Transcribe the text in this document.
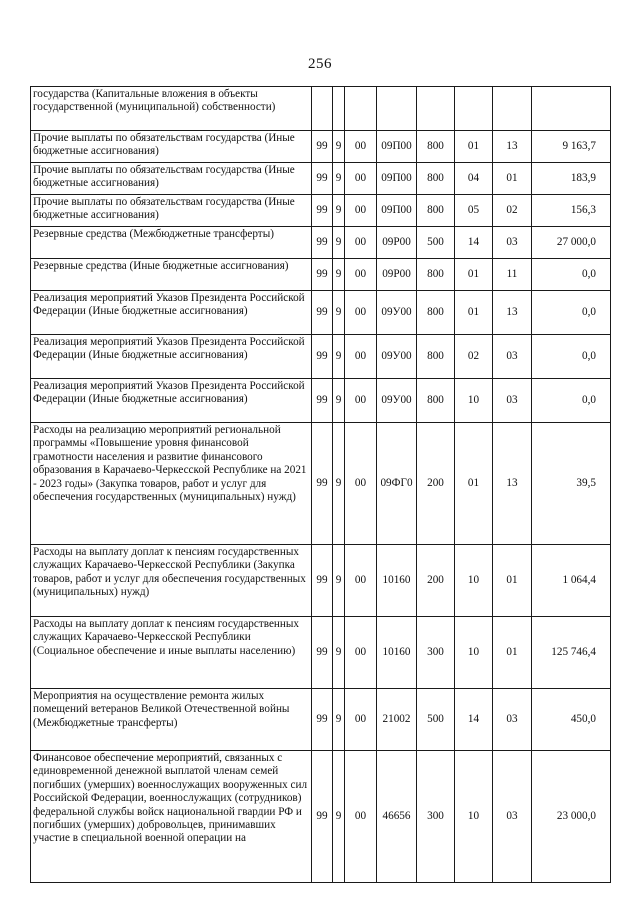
256
государства (Капитальные вложения в объекты государственной (муниципальной) собственности)								
Прочие выплаты по обязательствам государства (Иные бюджетные ассигнования)	99	9	00	09П00	800	01	13	9 163,7
Прочие выплаты по обязательствам государства (Иные бюджетные ассигнования)	99	9	00	09П00	800	04	01	183,9
Прочие выплаты по обязательствам государства (Иные бюджетные ассигнования)	99	9	00	09П00	800	05	02	156,3
Резервные средства (Межбюджетные трансферты)	99	9	00	09Р00	500	14	03	27 000,0
Резервные средства (Иные бюджетные ассигнования)	99	9	00	09Р00	800	01	11	0,0
Реализация мероприятий Указов Президента Российской Федерации (Иные бюджетные ассигнования)	99	9	00	09У00	800	01	13	0,0
Реализация мероприятий Указов Президента Российской Федерации (Иные бюджетные ассигнования)	99	9	00	09У00	800	02	03	0,0
Реализация мероприятий Указов Президента Российской Федерации (Иные бюджетные ассигнования)	99	9	00	09У00	800	10	03	0,0
Расходы на реализацию мероприятий региональной программы «Повышение уровня финансовой грамотности населения и развитие финансового образования в Карачаево-Черкесской Республике на 2021 - 2023 годы» (Закупка товаров, работ и услуг для обеспечения государственных (муниципальных) нужд)	99	9	00	09ФГ0	200	01	13	39,5
Расходы на выплату доплат к пенсиям государственных служащих Карачаево-Черкесской Республики (Закупка товаров, работ и услуг для обеспечения государственных (муниципальных) нужд)	99	9	00	10160	200	10	01	1 064,4
Расходы на выплату доплат к пенсиям государственных служащих Карачаево-Черкесской Республики (Социальное обеспечение и иные выплаты населению)	99	9	00	10160	300	10	01	125 746,4
Мероприятия на осуществление ремонта жилых помещений ветеранов Великой Отечественной войны (Межбюджетные трансферты)	99	9	00	21002	500	14	03	450,0
Финансовое обеспечение мероприятий, связанных с единовременной денежной выплатой членам семей погибших (умерших) военнослужащих вооруженных сил Российской Федерации, военнослужащих (сотрудников) федеральной службы войск национальной гвардии РФ и погибших (умерших) добровольцев, принимавших участие в специальной военной операции на	99	9	00	46656	300	10	03	23 000,0
